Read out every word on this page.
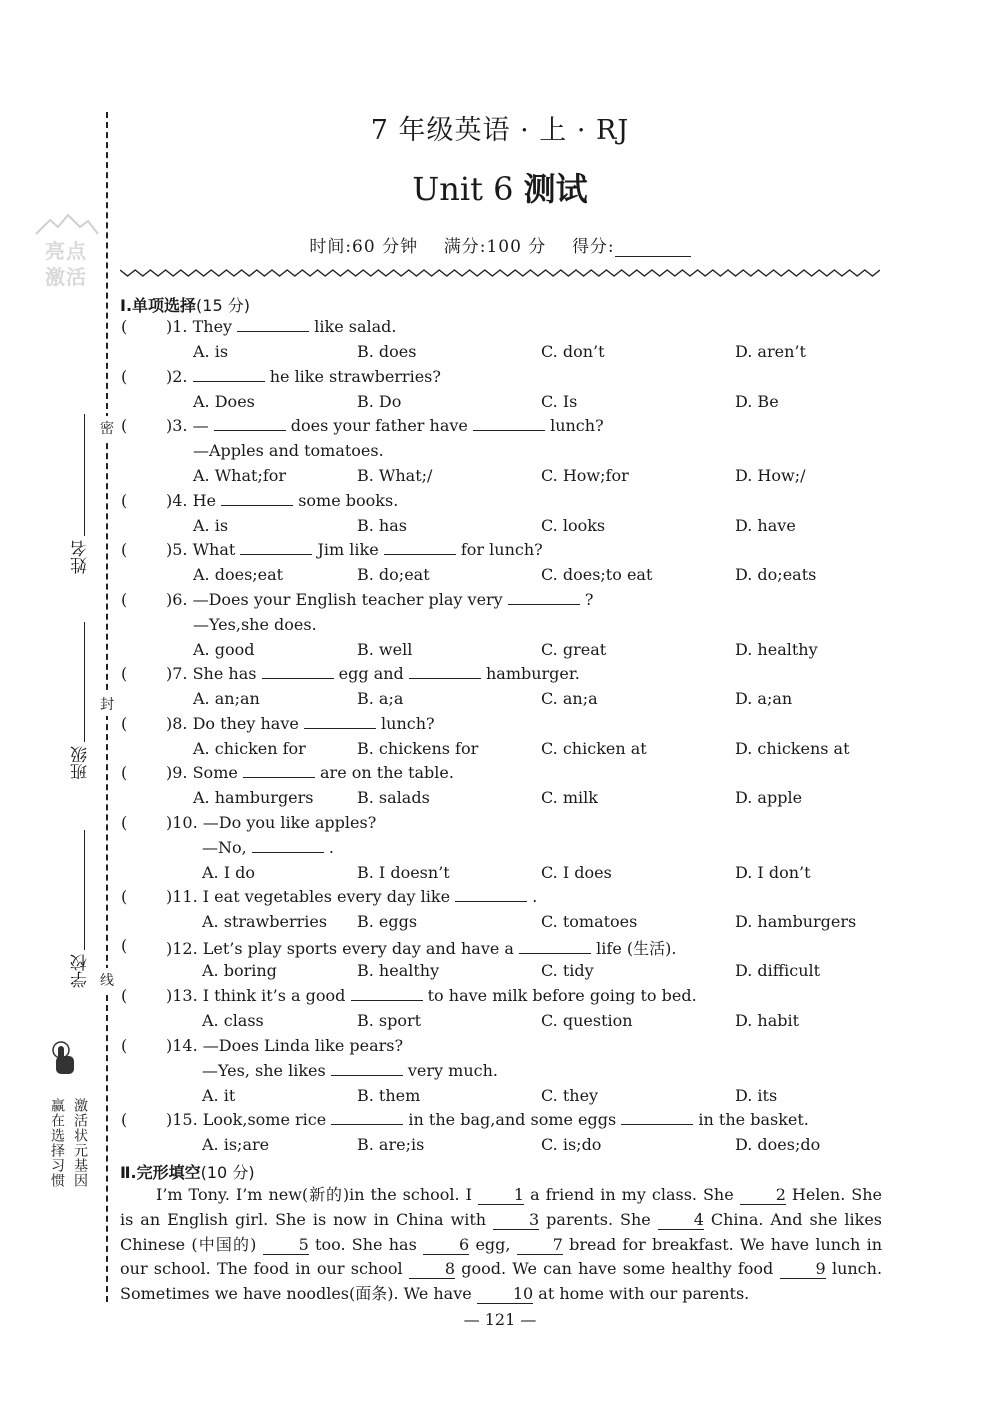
密
封
线
亮点激活
姓名
班级
学校
激活状元基因
赢在选择习惯
7 年级英语 · 上 · RJ
Unit 6 测试
时间:60 分钟 满分:100 分 得分:
Ⅰ.单项选择(15 分)
( )1. They	like salad.
A. is	B. does	C. don’t	D. aren’t
( )2.	he like strawberries?
A. Does	B. Do	C. Is	D. Be
( )3. —	does your father have	lunch?
—Apples and tomatoes.
A. What;for	B. What;/	C. How;for	D. How;/
( )4. He	some books.
A. is	B. has	C. looks	D. have
( )5. What	Jim like	for lunch?
A. does;eat	B. do;eat	C. does;to eat	D. do;eats
( )6. —Does your English teacher play very	?
—Yes,she does.
A. good	B. well	C. great	D. healthy
( )7. She has	egg and	hamburger.
A. an;an	B. a;a	C. an;a	D. a;an
( )8. Do they have	lunch?
A. chicken for	B. chickens for	C. chicken at	D. chickens at
( )9. Some	are on the table.
A. hamburgers	B. salads	C. milk	D. apple
( )10. —Do you like apples?
—No,	.
A. I do	B. I doesn’t	C. I does	D. I don’t
( )11. I eat vegetables every day like	.
A. strawberries B. eggs	C. tomatoes	D. hamburgers
( )12. Let’s play sports every day and have a	life (生活).
A. boring	B. healthy	C. tidy	D. difficult
( )13. I think it’s a good	to have milk before going to bed.
A. class	B. sport	C. question	D. habit
( )14. —Does Linda like pears?
—Yes, she likes	very much.
A. it	B. them	C. they	D. its
( )15. Look,some rice	in the bag,and some eggs	in the basket.
A. is;are	B. are;is	C. is;do	D. does;do
Ⅱ.完形填空(10 分)
I’m Tony. I’m new(新的)in the school. I	1 a friend in my class. She	2 Helen. She is an English girl. She is now in China with	3 parents. She	4 China. And she likes Chinese (中国的)	5 too. She has	6 egg,	7 bread for breakfast. We have lunch in our school. The food in our school	8 good. We can have some healthy food	9 lunch. Sometimes we have noodles(面条). We have	10 at home with our parents.
— 121 —
